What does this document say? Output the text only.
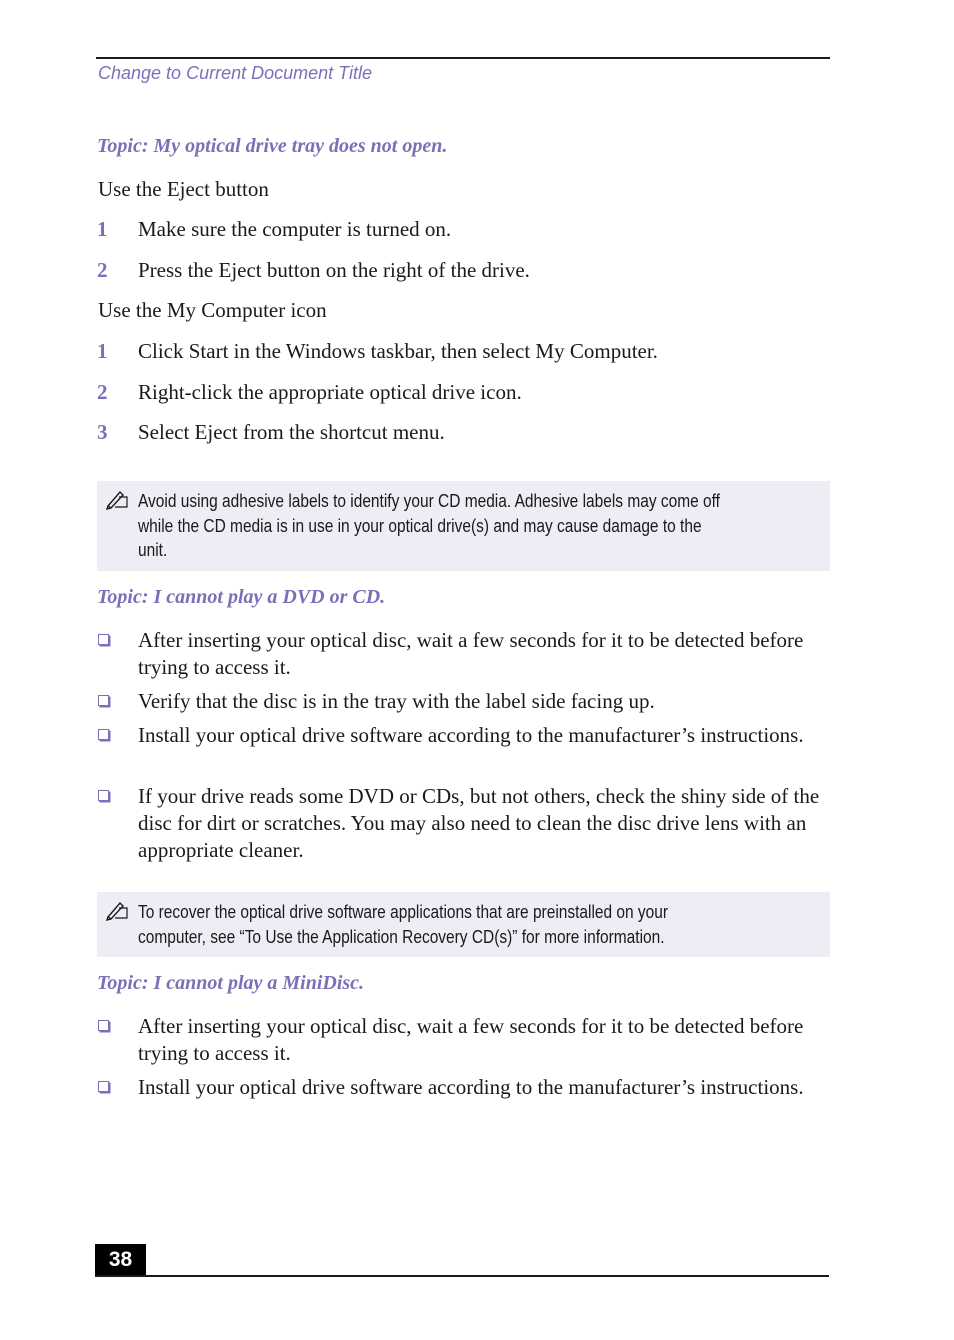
Change to Current Document Title
Topic: My optical drive tray does not open.
Use the Eject button
1 Make sure the computer is turned on.
2 Press the Eject button on the right of the drive.
Use the My Computer icon
1 Click Start in the Windows taskbar, then select My Computer.
2 Right-click the appropriate optical drive icon.
3 Select Eject from the shortcut menu.
Avoid using adhesive labels to identify your CD media. Adhesive labels may come off
while the CD media is in use in your optical drive(s) and may cause damage to the
unit.
Topic: I cannot play a DVD or CD.
After inserting your optical disc, wait a few seconds for it to be detected before trying to access it.
Verify that the disc is in the tray with the label side facing up.
Install your optical drive software according to the manufacturer’s instructions.
If your drive reads some DVD or CDs, but not others, check the shiny side of the disc for dirt or scratches. You may also need to clean the disc drive lens with an appropriate cleaner.
To recover the optical drive software applications that are preinstalled on your
computer, see “To Use the Application Recovery CD(s)” for more information.
Topic: I cannot play a MiniDisc.
After inserting your optical disc, wait a few seconds for it to be detected before trying to access it.
Install your optical drive software according to the manufacturer’s instructions.
38
